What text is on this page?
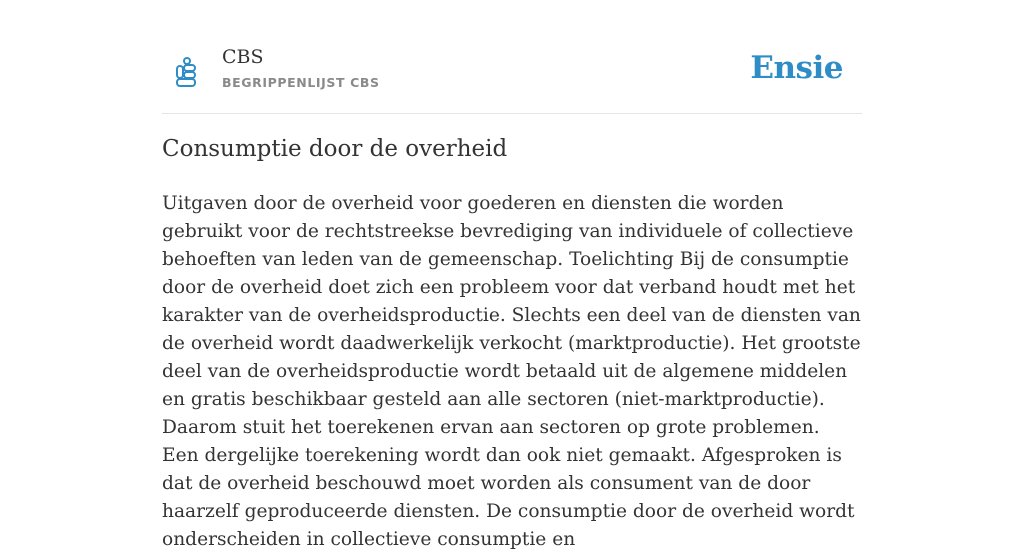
CBS
BEGRIPPENLIJST CBS	Ensie
Consumptie door de overheid

Uitgaven door de overheid voor goederen en diensten die worden gebruikt voor de rechtstreekse bevrediging van individuele of collectieve behoeften van leden van de gemeenschap. Toelichting Bij de consumptie door de overheid doet zich een probleem voor dat verband houdt met het karakter van de overheidsproductie. Slechts een deel van de diensten van de overheid wordt daadwerkelijk verkocht (marktproductie). Het grootste deel van de overheidsproductie wordt betaald uit de algemene middelen en gratis beschikbaar gesteld aan alle sectoren (niet-marktproductie). Daarom stuit het toerekenen ervan aan sectoren op grote problemen. Een dergelijke toerekening wordt dan ook niet gemaakt. Afgesproken is dat de overheid beschouwd moet worden als consument van de door haarzelf geproduceerde diensten. De consumptie door de overheid wordt onderscheiden in collectieve consumptie en
